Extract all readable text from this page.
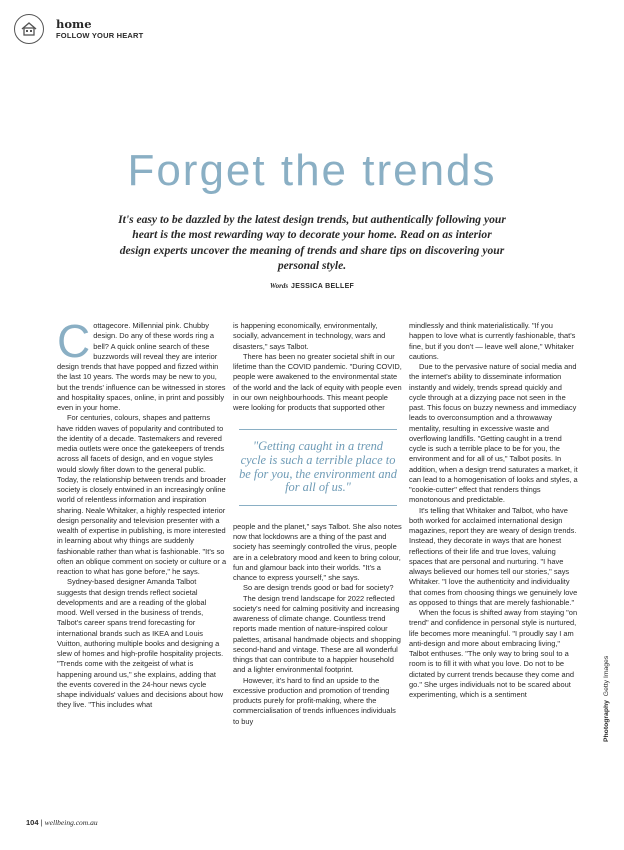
home
FOLLOW YOUR HEART
Forget the trends

It's easy to be dazzled by the latest design trends, but authentically following your heart is the most rewarding way to decorate your home. Read on as interior design experts uncover the meaning of trends and share tips on discovering your personal style.

Words JESSICA BELLEF

Cottagecore. Millennial pink. Chubby design. Do any of these words ring a bell? A quick online search of these buzzwords will reveal they are interior design trends that have popped and fizzed within the last 10 years. The words may be new to you, but the trends' influence can be witnessed in stores and hospitality spaces, online, in print and possibly even in your home.

For centuries, colours, shapes and patterns have ridden waves of popularity and contributed to the identity of a decade. Tastemakers and revered media outlets were once the gatekeepers of trends across all facets of design, and en vogue styles would slowly filter down to the general public. Today, the relationship between trends and broader society is closely entwined in an increasingly online world of relentless information and inspiration sharing. Neale Whitaker, a highly respected interior design personality and television presenter with a wealth of expertise in publishing, is more interested in learning about why things are suddenly fashionable rather than what is fashionable. "It's so often an oblique comment on society or culture or a reaction to what has gone before," he says.

Sydney-based designer Amanda Talbot suggests that design trends reflect societal developments and are a reading of the global mood. Well versed in the business of trends, Talbot's career spans trend forecasting for international brands such as IKEA and Louis Vuitton, authoring multiple books and designing a slew of homes and high-profile hospitality projects. "Trends come with the zeitgeist of what is happening around us," she explains, adding that the events covered in the 24-hour news cycle shape individuals' values and decisions about how they live. "This includes what

is happening economically, environmentally, socially, advancement in technology, wars and disasters," says Talbot.

There has been no greater societal shift in our lifetime than the COVID pandemic. "During COVID, people were awakened to the environmental state of the world and the lack of equity with people even in our own neighbourhoods. This meant people were looking for products that supported other

"Getting caught in a trend cycle is such a terrible place to be for you, the environment and for all of us."

people and the planet," says Talbot. She also notes now that lockdowns are a thing of the past and society has seemingly controlled the virus, people are in a celebratory mood and keen to bring colour, fun and glamour back into their worlds. "It's a chance to express yourself," she says.

So are design trends good or bad for society?

The design trend landscape for 2022 reflected society's need for calming positivity and increasing awareness of climate change. Countless trend reports made mention of nature-inspired colour palettes, artisanal handmade objects and shopping second-hand and vintage. These are all wonderful things that can contribute to a happier household and a lighter environmental footprint.

However, it's hard to find an upside to the excessive production and promotion of trending products purely for profit-making, where the commercialisation of trends influences individuals to buy

mindlessly and think materialistically. "If you happen to love what is currently fashionable, that's fine, but if you don't — leave well alone," Whitaker cautions.

Due to the pervasive nature of social media and the internet's ability to disseminate information instantly and widely, trends spread quickly and cycle through at a dizzying pace not seen in the past. This focus on buzzy newness and immediacy leads to overconsumption and a throwaway mentality, resulting in excessive waste and overflowing landfills. "Getting caught in a trend cycle is such a terrible place to be for you, the environment and for all of us," Talbot posits. In addition, when a design trend saturates a market, it can lead to a homogenisation of looks and styles, a "cookie-cutter" effect that renders things monotonous and predictable.

It's telling that Whitaker and Talbot, who have both worked for acclaimed international design magazines, report they are weary of design trends. Instead, they decorate in ways that are honest reflections of their life and true loves, valuing spaces that are personal and nurturing. "I have always believed our homes tell our stories," says Whitaker. "I love the authenticity and individuality that comes from choosing things we genuinely love as opposed to things that are merely fashionable."

When the focus is shifted away from staying "on trend" and confidence in personal style is nurtured, life becomes more meaningful. "I proudly say I am anti-design and more about embracing living," Talbot enthuses. "The only way to bring soul to a room is to fill it with what you love. Do not to be dictated by current trends because they come and go." She urges individuals not to be scared about experimenting, which is a sentiment

104 | wellbeing.com.au
Photography Getty Images
